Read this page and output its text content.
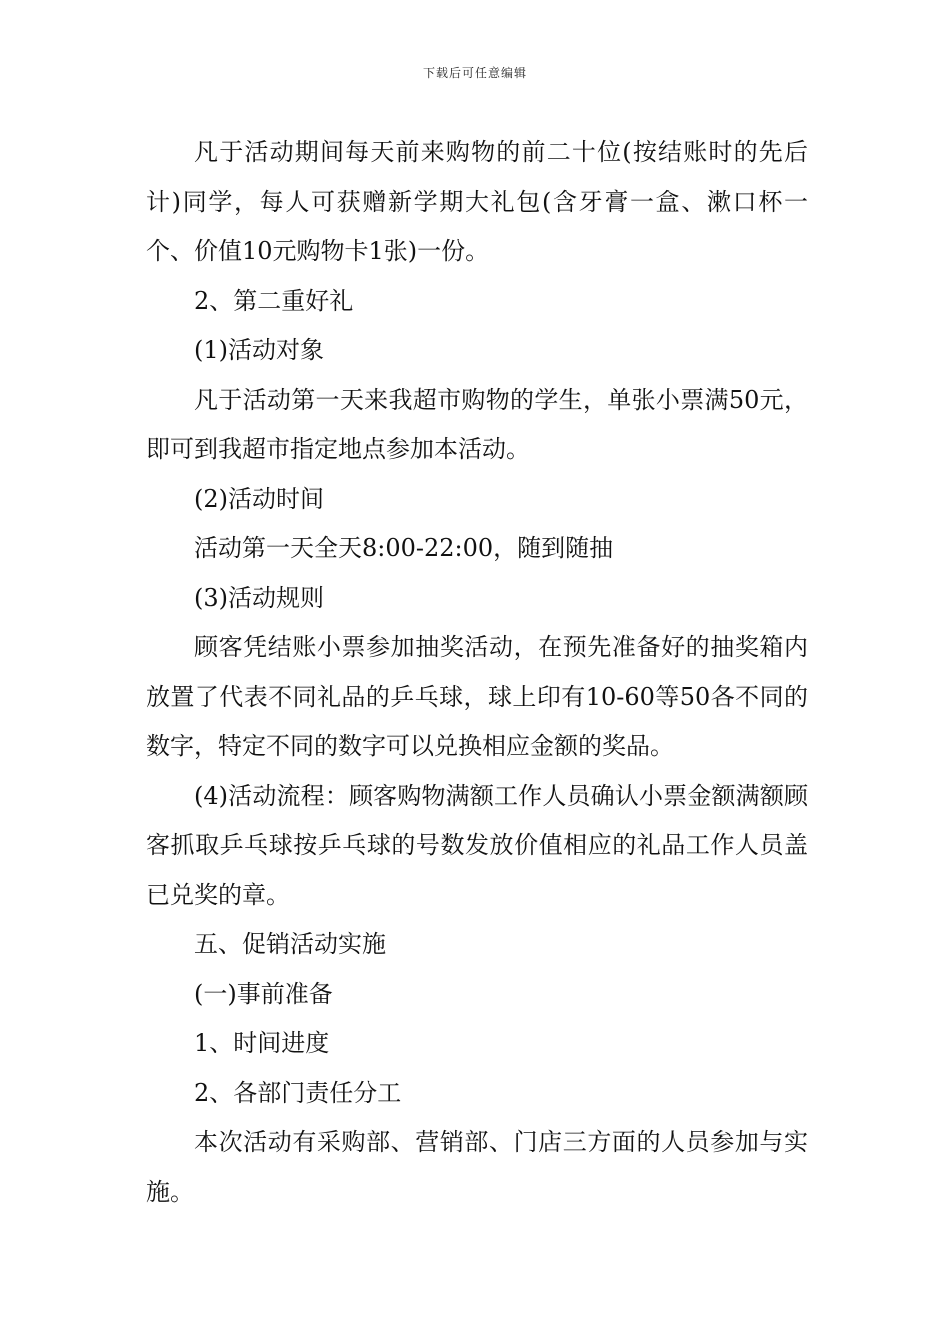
下载后可任意编辑

凡于活动期间每天前来购物的前二十位(按结账时的先后计)同学，每人可获赠新学期大礼包(含牙膏一盒、漱口杯一个、价值10元购物卡1张)一份。

2、第二重好礼

(1)活动对象

凡于活动第一天来我超市购物的学生，单张小票满50元，即可到我超市指定地点参加本活动。

(2)活动时间

活动第一天全天8:00-22:00，随到随抽

(3)活动规则

顾客凭结账小票参加抽奖活动，在预先准备好的抽奖箱内放置了代表不同礼品的乒乓球，球上印有10-60等50各不同的数字，特定不同的数字可以兑换相应金额的奖品。

(4)活动流程：顾客购物满额工作人员确认小票金额满额顾客抓取乒乓球按乒乓球的号数发放价值相应的礼品工作人员盖已兑奖的章。

五、促销活动实施

(一)事前准备

1、时间进度

2、各部门责任分工

本次活动有采购部、营销部、门店三方面的人员参加与实施。
